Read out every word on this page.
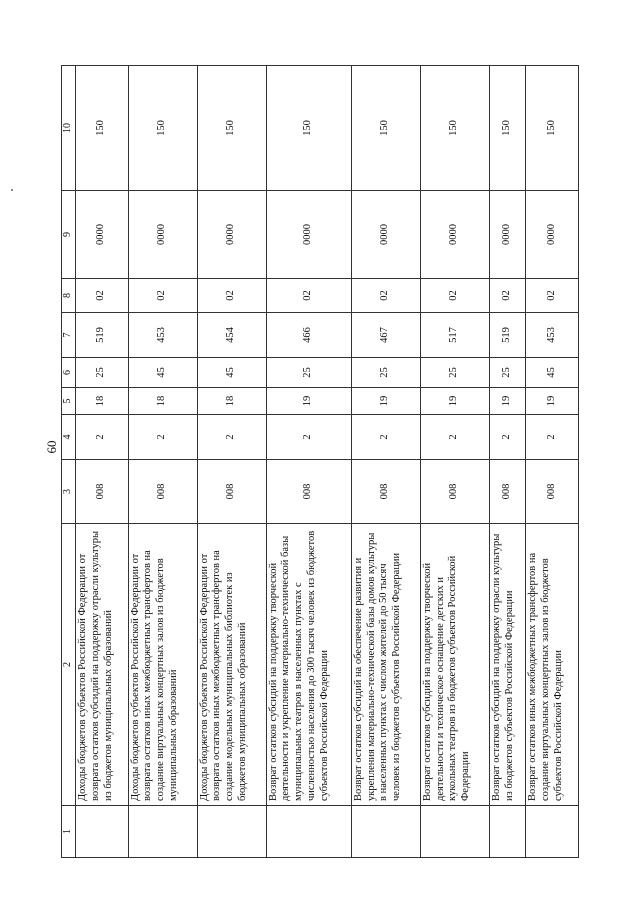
60
1	2	3	4	5	6	7	8	9	10
	Доходы бюджетов субъектов Российской Федерации от возврата остатков субсидий на поддержку отрасли культуры из бюджетов муниципальных образований	008	2	18	25	519	02	0000	150
	Доходы бюджетов субъектов Российской Федерации от возврата остатков иных межбюджетных трансфертов на создание виртуальных концертных залов из бюджетов муниципальных образований	008	2	18	45	453	02	0000	150
	Доходы бюджетов субъектов Российской Федерации от возврата остатков иных межбюджетных трансфертов на создание модельных муниципальных библиотек из бюджетов муниципальных образований	008	2	18	45	454	02	0000	150
	Возврат остатков субсидий на поддержку творческой деятельности и укрепление материально-технической базы муниципальных театров в населенных пунктах с численностью населения до 300 тысяч человек из бюджетов субъектов Российской Федерации	008	2	19	25	466	02	0000	150
	Возврат остатков субсидий на обеспечение развития и укрепления материально-технической базы домов культуры в населенных пунктах с числом жителей до 50 тысяч человек из бюджетов субъектов Российской Федерации	008	2	19	25	467	02	0000	150
	Возврат остатков субсидий на поддержку творческой деятельности и техническое оснащение детских и кукольных театров из бюджетов субъектов Российской Федерации	008	2	19	25	517	02	0000	150
	Возврат остатков субсидий на поддержку отрасли культуры из бюджетов субъектов Российской Федерации	008	2	19	25	519	02	0000	150
	Возврат остатков иных межбюджетных трансфертов на создание виртуальных концертных залов из бюджетов субъектов Российской Федерации	008	2	19	45	453	02	0000	150
